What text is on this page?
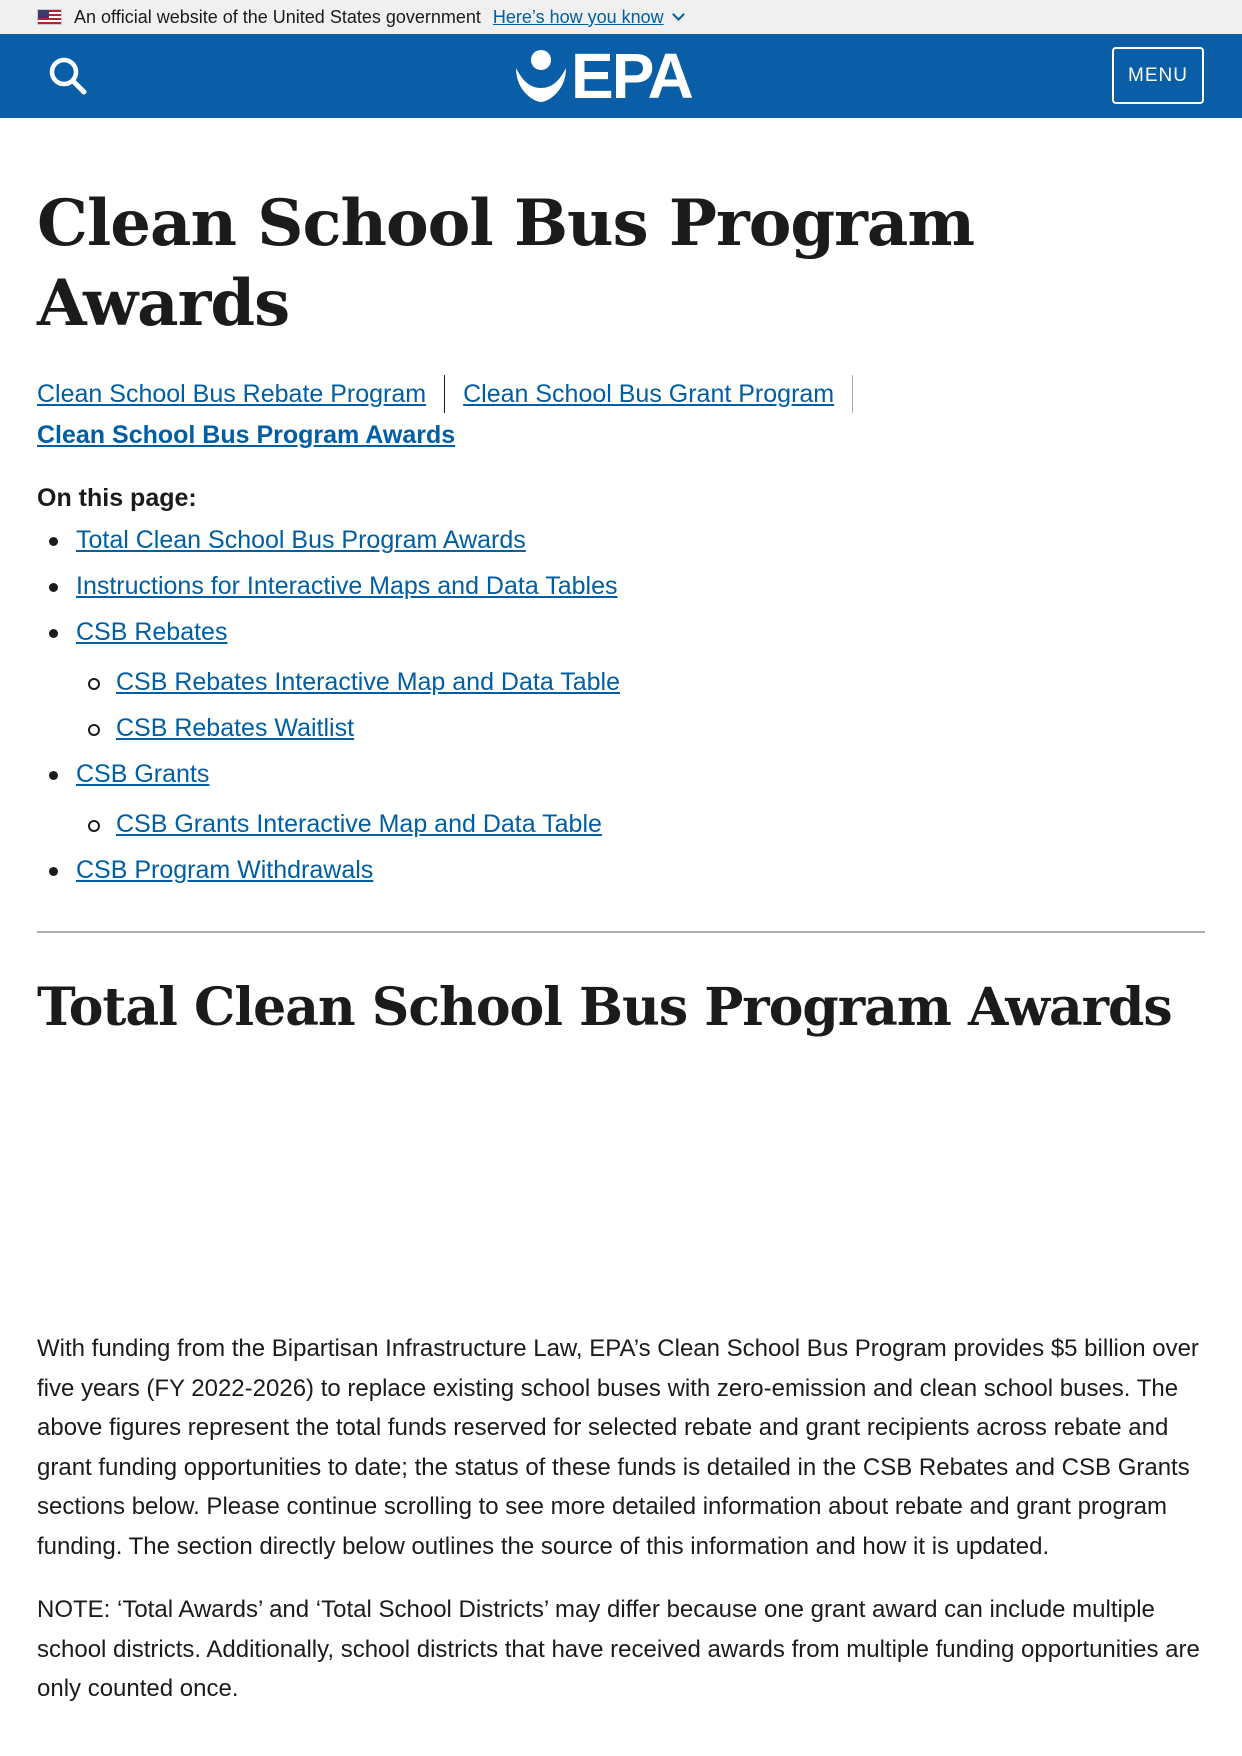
An official website of the United States government Here’s how you know
EPA	MENU
Clean School Bus Program Awards
Clean School Bus Rebate Program Clean School Bus Grant Program
Clean School Bus Program Awards
On this page:
Total Clean School Bus Program Awards
Instructions for Interactive Maps and Data Tables
CSB Rebates
CSB Rebates Interactive Map and Data Table
CSB Rebates Waitlist
CSB Grants
CSB Grants Interactive Map and Data Table
CSB Program Withdrawals
Total Clean School Bus Program Awards

With funding from the Bipartisan Infrastructure Law, EPA’s Clean School Bus Program provides $5 billion over five years (FY 2022-2026) to replace existing school buses with zero-emission and clean school buses. The above figures represent the total funds reserved for selected rebate and grant recipients across rebate and grant funding opportunities to date; the status of these funds is detailed in the CSB Rebates and CSB Grants sections below. Please continue scrolling to see more detailed information about rebate and grant program funding. The section directly below outlines the source of this information and how it is updated.

NOTE: ‘Total Awards’ and ‘Total School Districts’ may differ because one grant award can include multiple school districts. Additionally, school districts that have received awards from multiple funding opportunities are only counted once.
